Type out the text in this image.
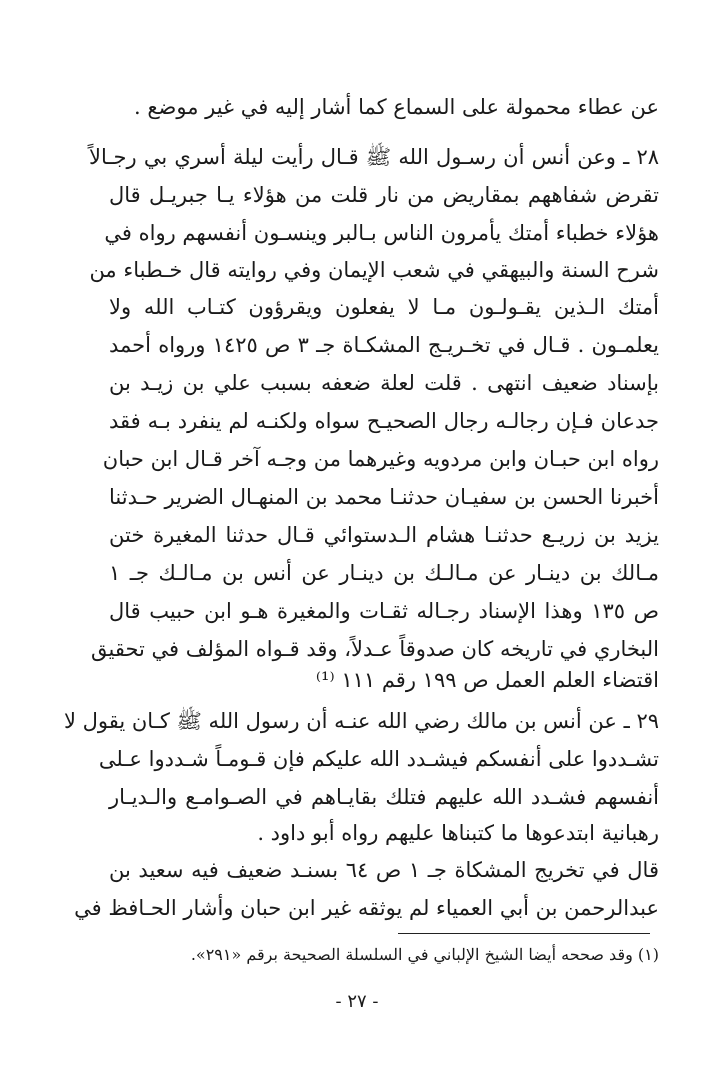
عن عطاء محمولة على السماع كما أشار إليه في غير موضع .
٢٨ ـ وعن أنس أن رسـول الله ﷺ قـال رأيت ليلة أسري بي رجـالاً
تقرض شفاههم بمقاريض من نار قلت من هؤلاء يـا جبريـل قال
هؤلاء خطباء أمتك يأمرون الناس بـالبر وينسـون أنفسهم رواه في
شرح السنة والبيهقي في شعب الإيمان وفي روايته قال خـطباء من
أمتك الـذين يقـولـون مـا لا يفعلون ويقرؤون كتـاب الله ولا
يعلمـون . قـال في تخـريـج المشكـاة جـ ٣ ص ١٤٢٥ ورواه أحمد
بإسناد ضعيف انتهى . قلت لعلة ضعفه بسبب علي بن زيـد بن
جدعان فـإن رجالـه رجال الصحيـح سواه ولكنـه لم ينفرد بـه فقد
رواه ابن حبـان وابن مردويه وغيرهما من وجـه آخر قـال ابن حبان
أخبرنا الحسن بن سفيـان حدثنـا محمد بن المنهـال الضرير حـدثنا
يزيد بن زريـع حدثنـا هشام الـدستوائي قـال حدثنا المغيرة ختن
مـالك بن دينـار عن مـالـك بن دينـار عن أنس بن مـالـك جـ ١
ص ١٣٥ وهذا الإسناد رجـاله ثقـات والمغيرة هـو ابن حبيب قال
البخاري في تاريخه كان صدوقاً عـدلاً، وقد قـواه المؤلف في تحقيق
اقتضاء العلم العمل ص ١٩٩ رقم ١١١ ⁽¹⁾
٢٩ ـ عن أنس بن مالك رضي الله عنـه أن رسول الله ﷺ كـان يقول لا
تشـددوا على أنفسكم فيشـدد الله عليكم فإن قـومـاً شـددوا عـلى
أنفسهم فشـدد الله عليهم فتلك بقايـاهم في الصـوامـع والـديـار
رهبانية ابتدعوها ما كتبناها عليهم رواه أبو داود .
قال في تخريج المشكاة جـ ١ ص ٦٤ بسنـد ضعيف فيه سعيد بن
عبدالرحمن بن أبي العمياء لم يوثقه غير ابن حبان وأشار الحـافظ في
(١) وقد صححه أيضا الشيخ الإلباني في السلسلة الصحيحة برقم «٢٩١».
- ٢٧ -
